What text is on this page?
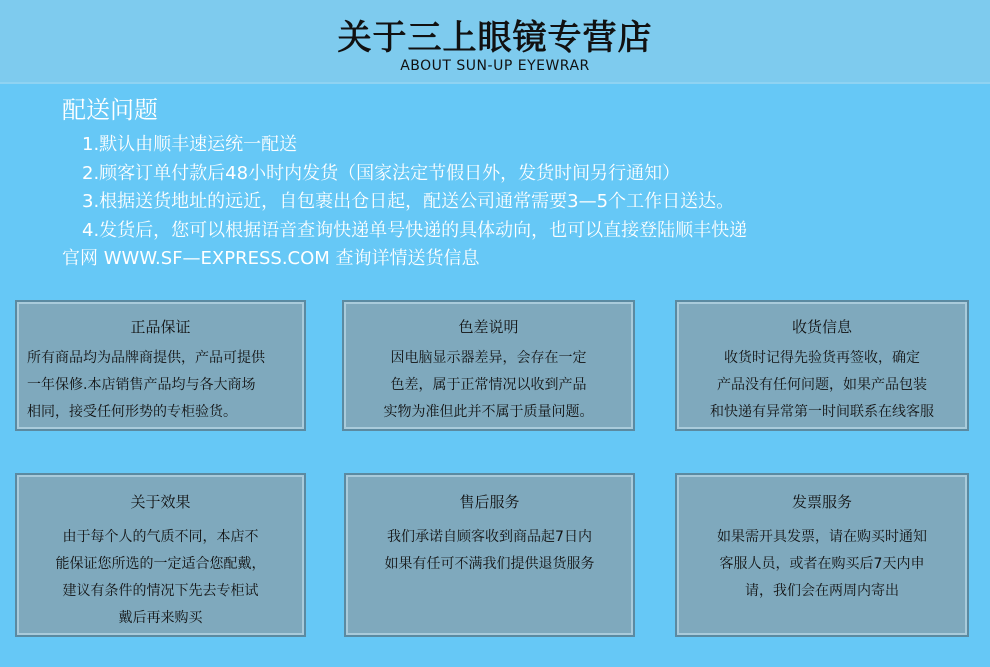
关于三上眼镜专营店
ABOUT SUN-UP EYEWRAR
配送问题
1.默认由顺丰速运统一配送
2.顾客订单付款后48小时内发货（国家法定节假日外，发货时间另行通知）
3.根据送货地址的远近，自包裹出仓日起，配送公司通常需要3—5个工作日送达。
4.发货后，您可以根据语音查询快递单号快递的具体动向，也可以直接登陆顺丰快递
官网 WWW.SF—EXPRESS.COM 查询详情送货信息
正品保证
所有商品均为品牌商提供，产品可提供
一年保修.本店销售产品均与各大商场
相同，接受任何形势的专柜验货。
色差说明
因电脑显示器差异，会存在一定
色差，属于正常情况以收到产品
实物为准但此并不属于质量问题。
收货信息
收货时记得先验货再签收，确定
产品没有任何问题，如果产品包装
和快递有异常第一时间联系在线客服
关于效果
由于每个人的气质不同，本店不
能保证您所选的一定适合您配戴，
建议有条件的情况下先去专柜试
戴后再来购买
售后服务
我们承诺自顾客收到商品起7日内
如果有任可不满我们提供退货服务
发票服务
如果需开具发票，请在购买时通知
客服人员，或者在购买后7天内申
请，我们会在两周内寄出
